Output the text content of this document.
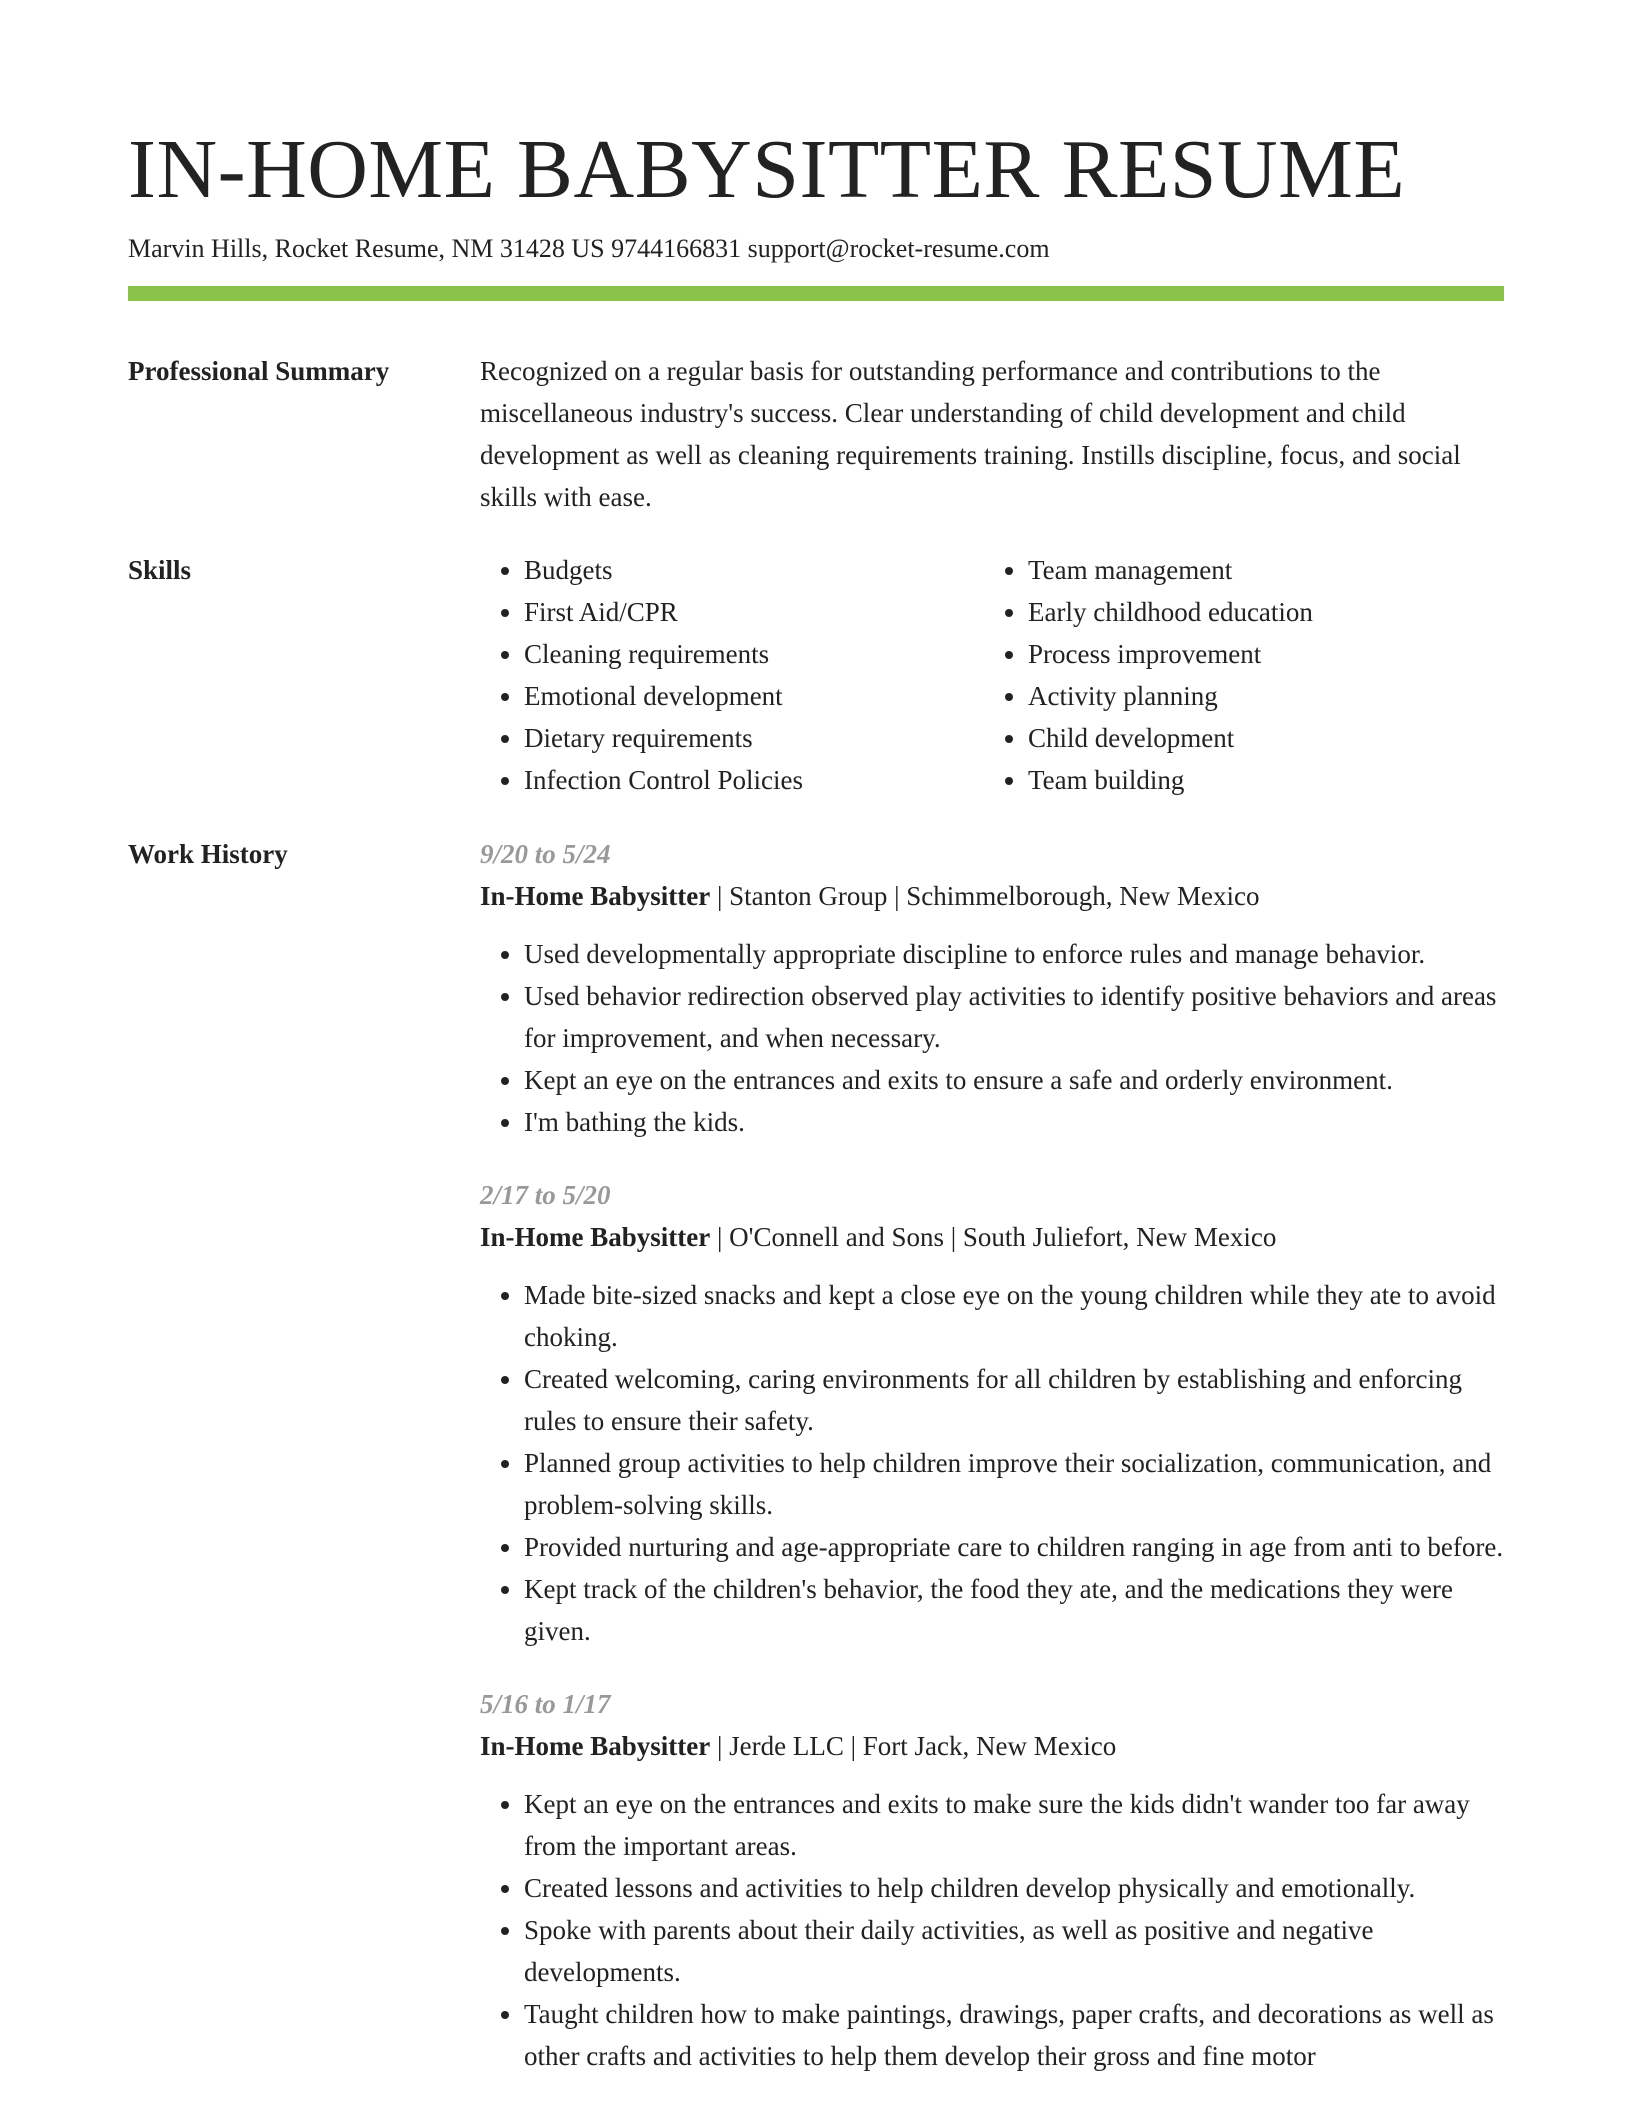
IN-HOME BABYSITTER RESUME
Marvin Hills, Rocket Resume, NM 31428 US 9744166831 support@rocket-resume.com
Professional Summary	Recognized on a regular basis for outstanding performance and contributions to the miscellaneous industry's success. Clear understanding of child development and child development as well as cleaning requirements training. Instills discipline, focus, and social skills with ease.

Skills
•	Budgets
• First Aid/CPR
• Cleaning requirements
• Emotional development
• Dietary requirements
• Infection Control Policies
• Team management
• Early childhood education
• Process improvement
• Activity planning
• Child development
• Team building
Work History	9/20 to 5/24
In-Home Babysitter | Stanton Group | Schimmelborough, New Mexico
• Used developmentally appropriate discipline to enforce rules and manage behavior.
• Used behavior redirection observed play activities to identify positive behaviors and areas for improvement, and when necessary.
• Kept an eye on the entrances and exits to ensure a safe and orderly environment.
• I'm bathing the kids.
2/17 to 5/20
In-Home Babysitter | O'Connell and Sons | South Juliefort, New Mexico
• Made bite-sized snacks and kept a close eye on the young children while they ate to avoid choking.
• Created welcoming, caring environments for all children by establishing and enforcing rules to ensure their safety.
• Planned group activities to help children improve their socialization, communication, and problem-solving skills.
• Provided nurturing and age-appropriate care to children ranging in age from anti to before.
• Kept track of the children's behavior, the food they ate, and the medications they were given.
5/16 to 1/17
In-Home Babysitter | Jerde LLC | Fort Jack, New Mexico
• Kept an eye on the entrances and exits to make sure the kids didn't wander too far away from the important areas.
• Created lessons and activities to help children develop physically and emotionally.
• Spoke with parents about their daily activities, as well as positive and negative developments.
• Taught children how to make paintings, drawings, paper crafts, and decorations as well as other crafts and activities to help them develop their gross and fine motor
